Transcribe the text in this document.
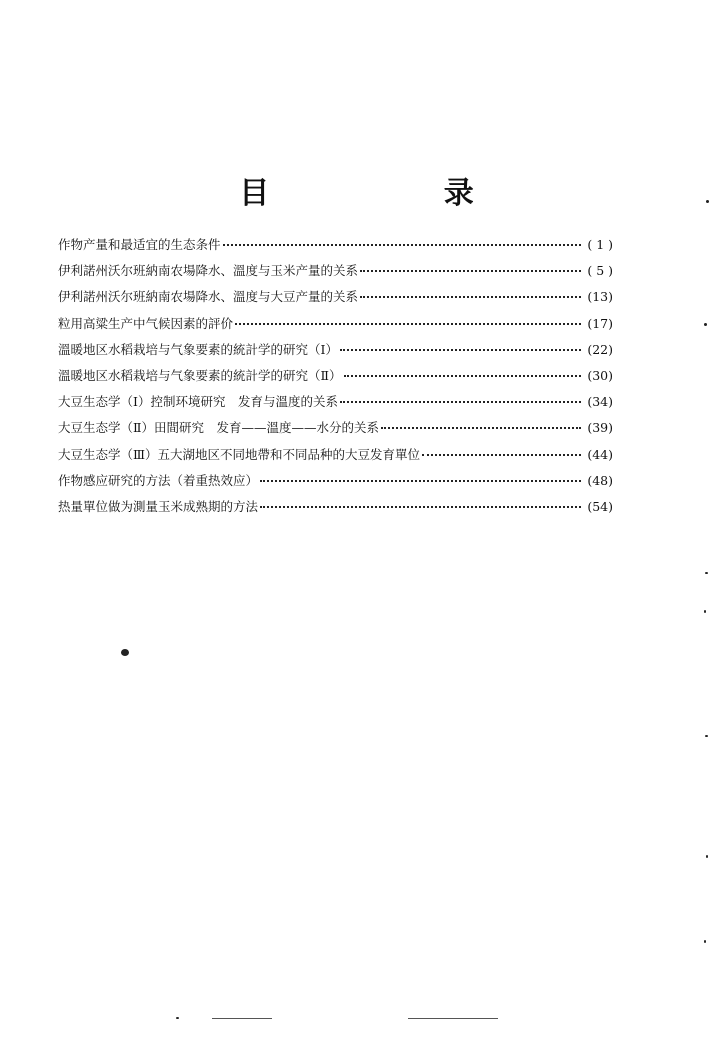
目 录
作物产量和最适宜的生态条件	( 1 )
伊利諾州沃尔班納南农場降水、溫度与玉米产量的关系	( 5 )
伊利諾州沃尔班納南农場降水、溫度与大豆产量的关系	(13)
粒用高粱生产中气候因素的評价	(17)
溫暖地区水稻栽培与气象要素的統計学的研究（Ⅰ）	(22)
溫暖地区水稻栽培与气象要素的統計学的研究（Ⅱ）	(30)
大豆生态学（Ⅰ）控制环境研究　发育与溫度的关系	(34)
大豆生态学（Ⅱ）田間研究　发育——溫度——水分的关系	(39)
大豆生态学（Ⅲ）五大湖地区不同地帶和不同品种的大豆发育單位	(44)
作物感应研究的方法（着重热效应）	(48)
热量單位做为測量玉米成熟期的方法	(54)
